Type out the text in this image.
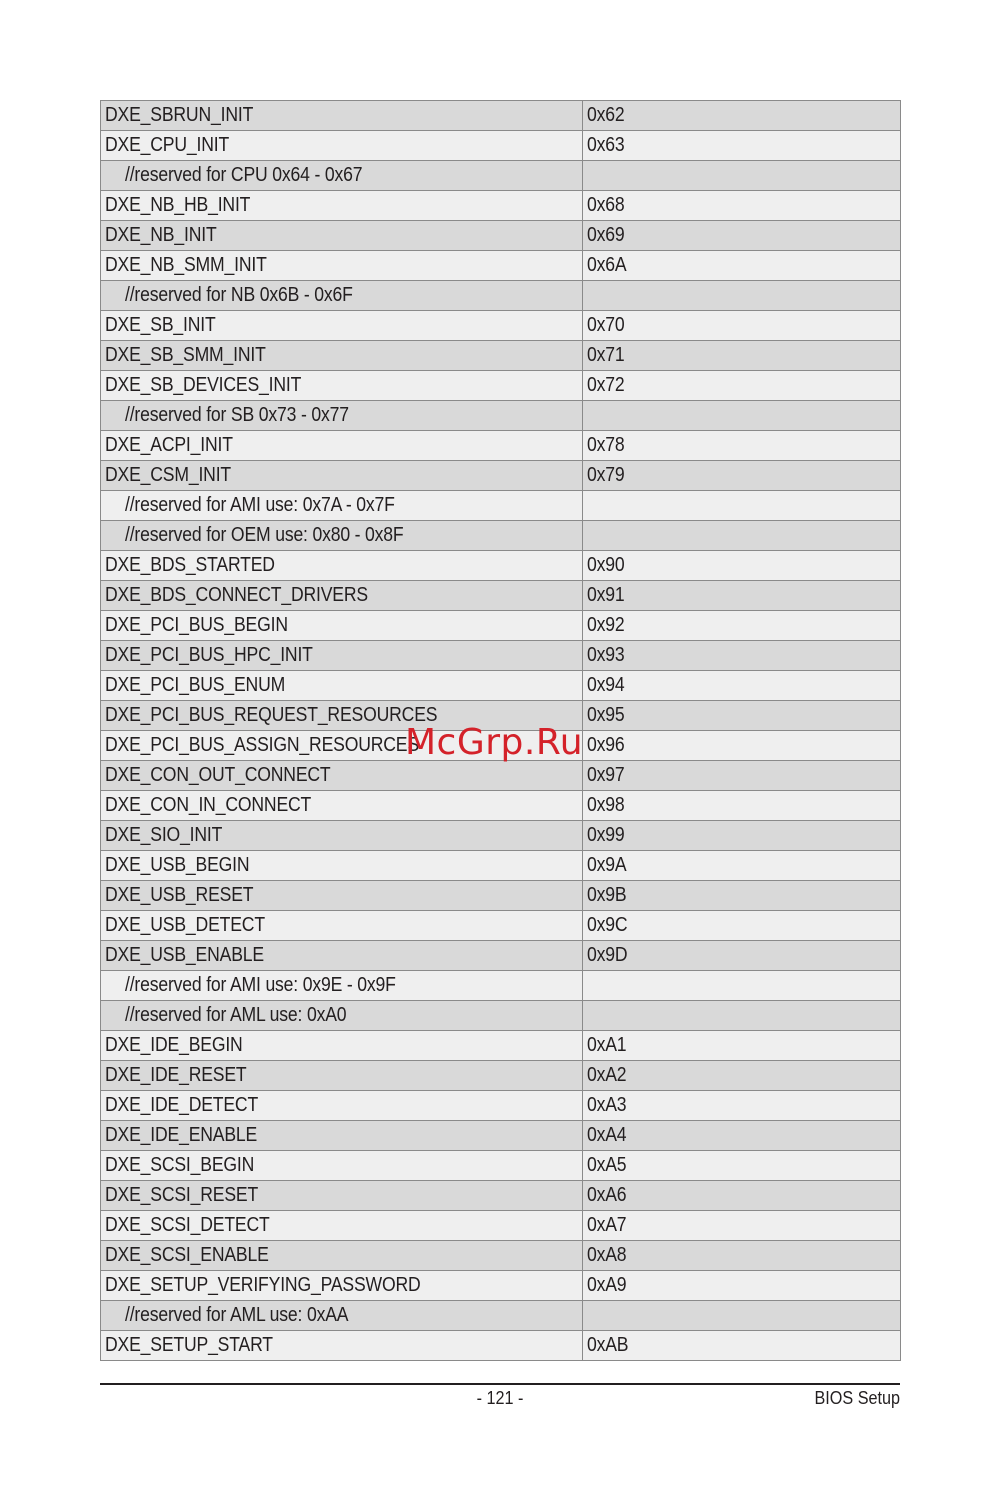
DXE_SBRUN_INIT	0x62
DXE_CPU_INIT	0x63
//reserved for CPU 0x64 - 0x67	
DXE_NB_HB_INIT	0x68
DXE_NB_INIT	0x69
DXE_NB_SMM_INIT	0x6A
//reserved for NB 0x6B - 0x6F	
DXE_SB_INIT	0x70
DXE_SB_SMM_INIT	0x71
DXE_SB_DEVICES_INIT	0x72
//reserved for SB 0x73 - 0x77	
DXE_ACPI_INIT	0x78
DXE_CSM_INIT	0x79
//reserved for AMI use: 0x7A - 0x7F	
//reserved for OEM use: 0x80 - 0x8F	
DXE_BDS_STARTED	0x90
DXE_BDS_CONNECT_DRIVERS	0x91
DXE_PCI_BUS_BEGIN	0x92
DXE_PCI_BUS_HPC_INIT	0x93
DXE_PCI_BUS_ENUM	0x94
DXE_PCI_BUS_REQUEST_RESOURCES	0x95
DXE_PCI_BUS_ASSIGN_RESOURCES	0x96
DXE_CON_OUT_CONNECT	0x97
DXE_CON_IN_CONNECT	0x98
DXE_SIO_INIT	0x99
DXE_USB_BEGIN	0x9A
DXE_USB_RESET	0x9B
DXE_USB_DETECT	0x9C
DXE_USB_ENABLE	0x9D
//reserved for AMI use: 0x9E - 0x9F	
//reserved for AML use: 0xA0	
DXE_IDE_BEGIN	0xA1
DXE_IDE_RESET	0xA2
DXE_IDE_DETECT	0xA3
DXE_IDE_ENABLE	0xA4
DXE_SCSI_BEGIN	0xA5
DXE_SCSI_RESET	0xA6
DXE_SCSI_DETECT	0xA7
DXE_SCSI_ENABLE	0xA8
DXE_SETUP_VERIFYING_PASSWORD	0xA9
//reserved for AML use: 0xAA	
DXE_SETUP_START	0xAB
McGrp.Ru
- 121 -	BIOS Setup
